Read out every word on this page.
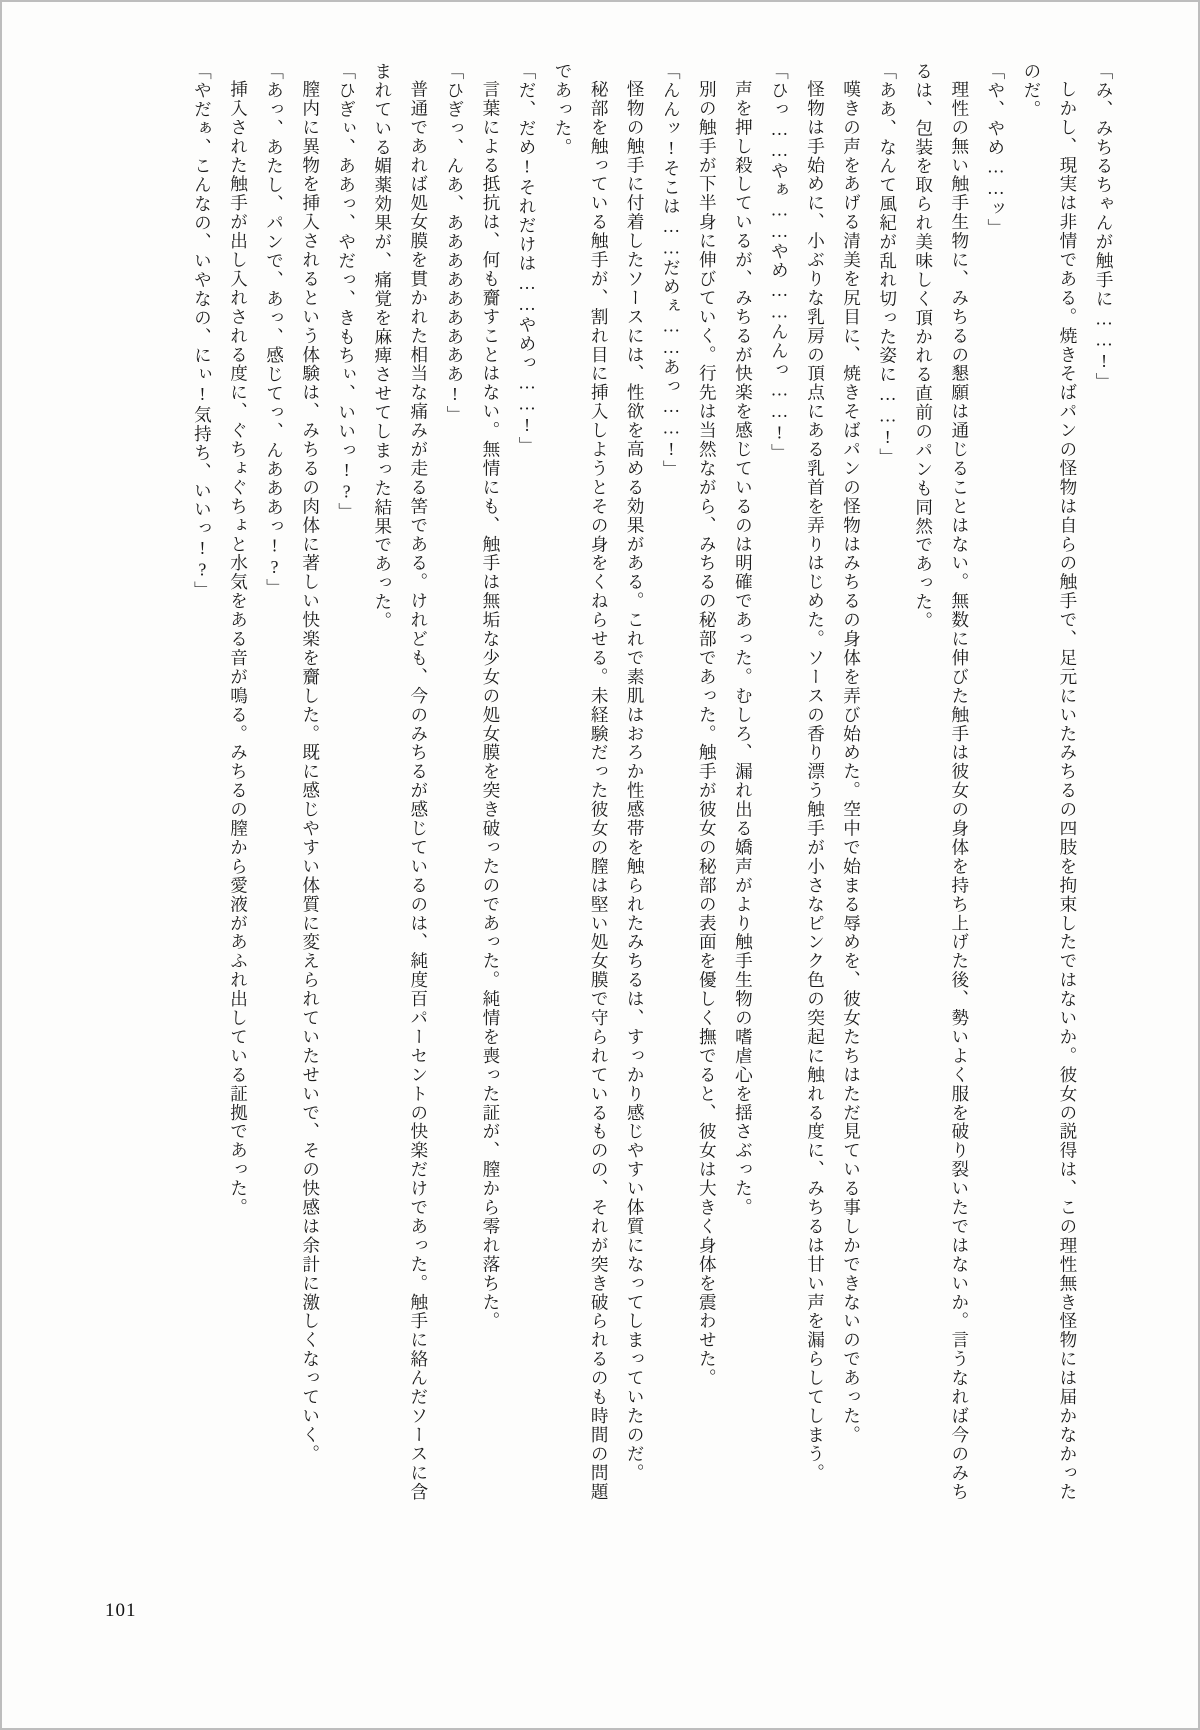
「み、みちるちゃんが触手に……!」

しかし、現実は非情である。焼きそばパンの怪物は自らの触手で、足元にいたみちるの四肢を拘束したではないか。彼女の説得は、この理性無き怪物には届かなかったのだ。

「や、やめ……ッ」

理性の無い触手生物に、みちるの懇願は通じることはない。無数に伸びた触手は彼女の身体を持ち上げた後、勢いよく服を破り裂いたではないか。言うなれば今のみちるは、包装を取られ美味しく頂かれる直前のパンも同然であった。

「ああ、なんて風紀が乱れ切った姿に……!」

嘆きの声をあげる清美を尻目に、焼きそばパンの怪物はみちるの身体を弄び始めた。空中で始まる辱めを、彼女たちはただ見ている事しかできないのであった。

怪物は手始めに、小ぶりな乳房の頂点にある乳首を弄りはじめた。ソースの香り漂う触手が小さなピンク色の突起に触れる度に、みちるは甘い声を漏らしてしまう。

「ひっ……やぁ……やめ……んんっ……!」

声を押し殺しているが、みちるが快楽を感じているのは明確であった。むしろ、漏れ出る嬌声がより触手生物の嗜虐心を揺さぶった。

別の触手が下半身に伸びていく。行先は当然ながら、みちるの秘部であった。触手が彼女の秘部の表面を優しく撫でると、彼女は大きく身体を震わせた。

「んんッ!そこは……だめぇ……あっ……!」

怪物の触手に付着したソースには、性欲を高める効果がある。これで素肌はおろか性感帯を触られたみちるは、すっかり感じやすい体質になってしまっていたのだ。

秘部を触っている触手が、割れ目に挿入しようとその身をくねらせる。未経験だった彼女の膣は堅い処女膜で守られているものの、それが突き破られるのも時間の問題であった。

「だ、だめ!それだけは……やめっ……!」

言葉による抵抗は、何も齎すことはない。無情にも、触手は無垢な少女の処女膜を突き破ったのであった。純情を喪った証が、膣から零れ落ちた。

「ひぎっ、んあ、あああああああああ!」

普通であれば処女膜を貫かれた相当な痛みが走る筈である。けれども、今のみちるが感じているのは、純度百パーセントの快楽だけであった。触手に絡んだソースに含まれている媚薬効果が、痛覚を麻痺させてしまった結果であった。

「ひぎぃ、ああっ、やだっ、きもちぃ、いいっ!?」

膣内に異物を挿入されるという体験は、みちるの肉体に著しい快楽を齎した。既に感じやすい体質に変えられていたせいで、その快感は余計に激しくなっていく。

「あっ、あたし、パンで、あっ、感じてっ、んあああっ!?」

挿入された触手が出し入れされる度に、ぐちょぐちょと水気をある音が鳴る。みちるの膣から愛液があふれ出している証拠であった。

「やだぁ、こんなの、いやなの、にぃ!気持ち、いいっ!?」

101
